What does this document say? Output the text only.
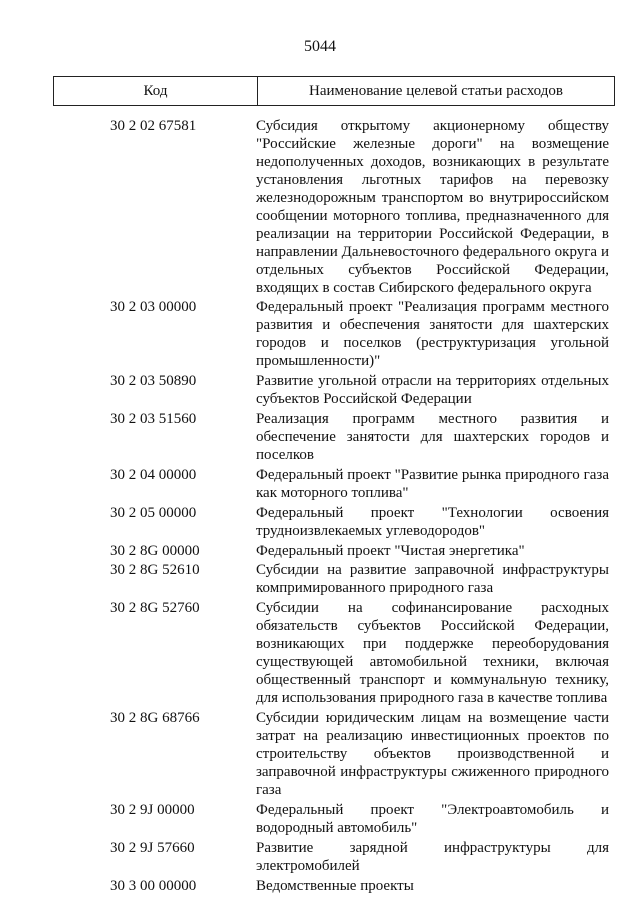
5044
Код	Наименование целевой статьи расходов
30 2 02 67581	Субсидия открытому акционерному обществу "Российские железные дороги" на возмещение недополученных доходов, возникающих в результате установления льготных тарифов на перевозку железнодорожным транспортом во внутрироссийском сообщении моторного топлива, предназначенного для реализации на территории Российской Федерации, в направлении Дальневосточного федерального округа и отдельных субъектов Российской Федерации, входящих в состав Сибирского федерального округа
30 2 03 00000	Федеральный проект "Реализация программ местного развития и обеспечения занятости для шахтерских городов и поселков (реструктуризация угольной промышленности)"
30 2 03 50890	Развитие угольной отрасли на территориях отдельных субъектов Российской Федерации
30 2 03 51560	Реализация программ местного развития и обеспечение занятости для шахтерских городов и поселков
30 2 04 00000	Федеральный проект "Развитие рынка природного газа как моторного топлива"
30 2 05 00000	Федеральный проект "Технологии освоения трудноизвлекаемых углеводородов"
30 2 8G 00000	Федеральный проект "Чистая энергетика"
30 2 8G 52610	Субсидии на развитие заправочной инфраструктуры компримированного природного газа
30 2 8G 52760	Субсидии на софинансирование расходных обязательств субъектов Российской Федерации, возникающих при поддержке переоборудования существующей автомобильной техники, включая общественный транспорт и коммунальную технику, для использования природного газа в качестве топлива
30 2 8G 68766	Субсидии юридическим лицам на возмещение части затрат на реализацию инвестиционных проектов по строительству объектов производственной и заправочной инфраструктуры сжиженного природного газа
30 2 9J 00000	Федеральный проект "Электроавтомобиль и водородный автомобиль"
30 2 9J 57660	Развитие зарядной инфраструктуры для электромобилей
30 3 00 00000	Ведомственные проекты
